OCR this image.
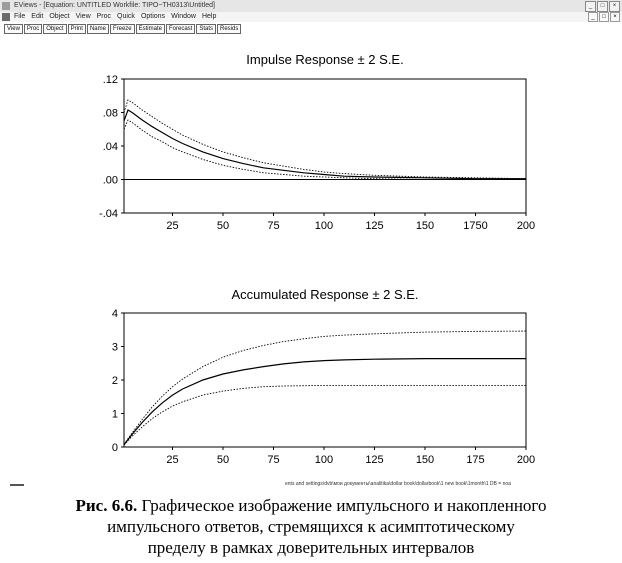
EViews - [Equation: UNTITLED Workfile: TIPO~TH0313\Untitled]	_	□	×
File Edit Object View Proc Quick Options Window Help	_	□	×
View	Proc	Object	Print	Name	Freeze	Estimate	Forecast	Stats	Resids
Impulse Response ± 2 S.E.
Accumulated Response ± 2 S.E.
-.04
.00
.04
.08
.12
25	50	75	100	125	150	1750	200
0
1
2
3
4
25	50	75	100	125	150	175	200
ents and settings\dvb\мои документы\analitika\dollar book\dollarbook\1 new book\1month\1 DB = noa
Рис. 6.6. Графическое изображение импульсного и накопленного
импульсного ответов, стремящихся к асимптотическому
пределу в рамках доверительных интервалов
